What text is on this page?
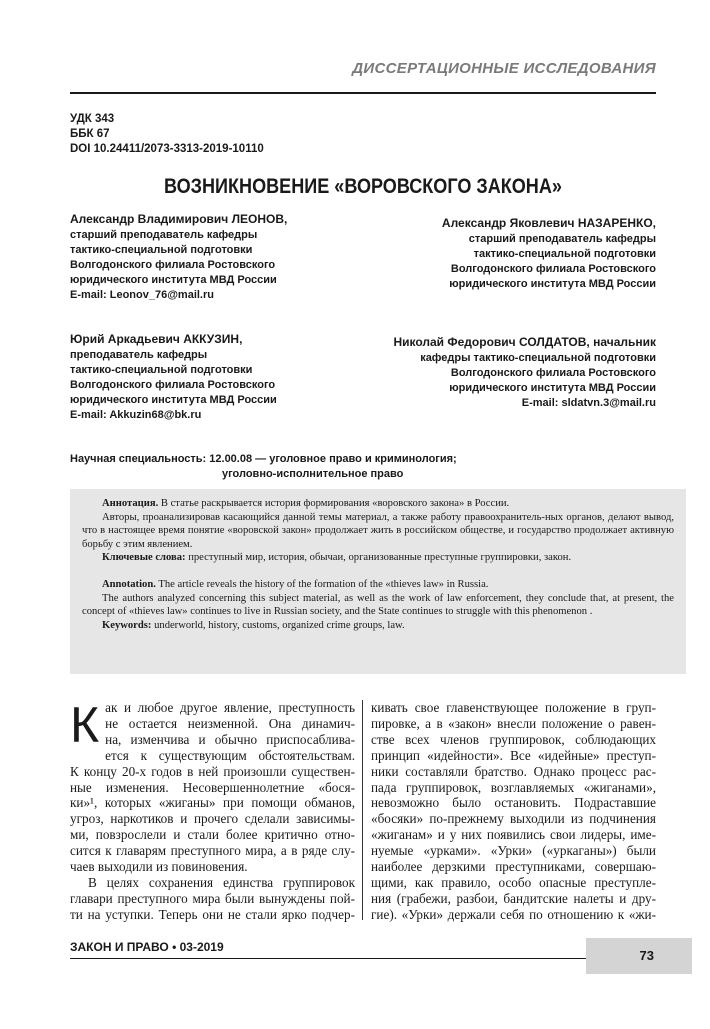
ДИССЕРТАЦИОННЫЕ ИССЛЕДОВАНИЯ
УДК 343
ББК 67
DOI 10.24411/2073-3313-2019-10110
ВОЗНИКНОВЕНИЕ «ВОРОВСКОГО ЗАКОНА»
Александр Владимирович ЛЕОНОВ,
старший преподаватель кафедры
тактико-специальной подготовки
Волгодонского филиала Ростовского
юридического института МВД России
E-mail: Leonov_76@mail.ru
Александр Яковлевич НАЗАРЕНКО,
старший преподаватель кафедры
тактико-специальной подготовки
Волгодонского филиала Ростовского
юридического института МВД России
Юрий Аркадьевич АККУЗИН,
преподаватель кафедры
тактико-специальной подготовки
Волгодонского филиала Ростовского
юридического института МВД России
E-mail: Akkuzin68@bk.ru
Николай Федорович СОЛДАТОВ, начальник
кафедры тактико-специальной подготовки
Волгодонского филиала Ростовского
юридического института МВД России
E-mail: sldatvn.3@mail.ru
Научная специальность: 12.00.08 — уголовное право и криминология;
уголовно-исполнительное право

Аннотация. В статье раскрывается история формирования «воровского закона» в России.

Авторы, проанализировав касающийся данной темы материал, а также работу правоохранитель-ных органов, делают вывод, что в настоящее время понятие «воровской закон» продолжает жить в российском обществе, и государство продолжает активную борьбу с этим явлением.

Ключевые слова: преступный мир, история, обычаи, организованные преступные группировки, закон.

Annotation. The article reveals the history of the formation of the «thieves law» in Russia.

The authors analyzed concerning this subject material, as well as the work of law enforcement, they conclude that, at present, the concept of «thieves law» continues to live in Russian society, and the State continues to struggle with this phenomenon .

Keywords: underworld, history, customs, organized crime groups, law.

К ак и любое другое явление, преступность
не остается неизменной. Она динамич-
на, изменчива и обычно приспосаблива-
ется к существующим обстоятельствам.
К концу 20-х годов в ней произошли существен-
ные изменения. Несовершеннолетние «бося-
ки»¹, которых «жиганы» при помощи обманов,
угроз, наркотиков и прочего сделали зависимы-
ми, повзрослели и стали более критично отно-
сится к главарям преступного мира, а в ряде слу-
чаев выходили из повиновения.
В целях сохранения единства группировок
главари преступного мира были вынуждены пой-
ти на уступки. Теперь они не стали ярко подчер-
кивать свое главенствующее положение в груп-
пировке, а в «закон» внесли положение о равен-
стве всех членов группировок, соблюдающих
принцип «идейности». Все «идейные» преступ-
ники составляли братство. Однако процесс рас-
пада группировок, возглавляемых «жиганами»,
невозможно было остановить. Подраставшие
«босяки» по-прежнему выходили из подчинения
«жиганам» и у них появились свои лидеры, име-
нуемые «урками». «Урки» («уркаганы») были
наиболее дерзкими преступниками, совершаю-
щими, как правило, особо опасные преступле-
ния (грабежи, разбои, бандитские налеты и дру-
гие). «Урки» держали себя по отношению к «жи-
ЗАКОН И ПРАВО • 03-2019
73
